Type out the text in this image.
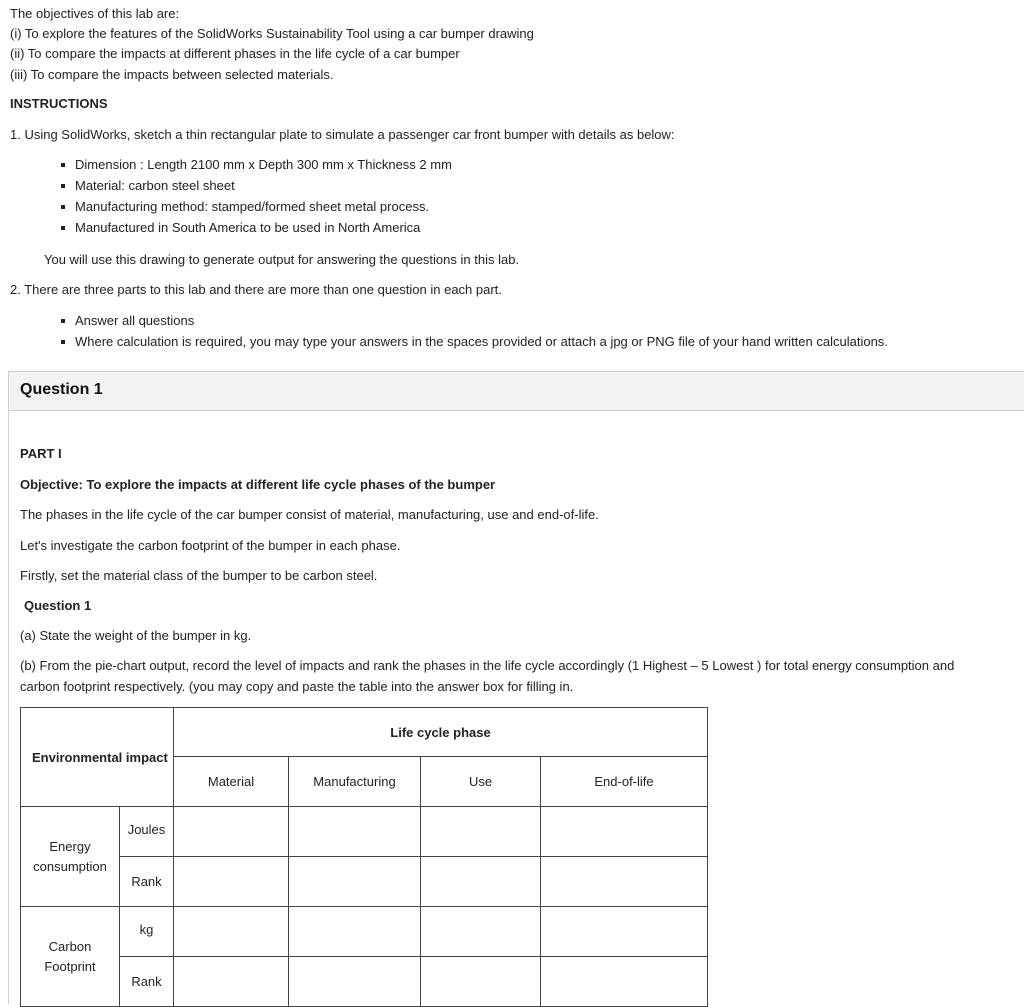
The objectives of this lab are:
(i) To explore the features of the SolidWorks Sustainability Tool using a car bumper drawing
(ii) To compare the impacts at different phases in the life cycle of a car bumper
(iii) To compare the impacts between selected materials.
INSTRUCTIONS
1. Using SolidWorks, sketch a thin rectangular plate to simulate a passenger car front bumper with details as below:
Dimension : Length 2100 mm x Depth 300 mm x Thickness 2 mm
Material: carbon steel sheet
Manufacturing method: stamped/formed sheet metal process.
Manufactured in South America to be used in North America
You will use this drawing to generate output for answering the questions in this lab.
2. There are three parts to this lab and there are more than one question in each part.
Answer all questions
Where calculation is required, you may type your answers in the spaces provided or attach a jpg or PNG file of your hand written calculations.
Question 1
PART I
Objective: To explore the impacts at different life cycle phases of the bumper
The phases in the life cycle of the car bumper consist of material, manufacturing, use and end-of-life.
Let's investigate the carbon footprint of the bumper in each phase.
Firstly, set the material class of the bumper to be carbon steel.
Question 1
(a) State the weight of the bumper in kg.
(b) From the pie-chart output, record the level of impacts and rank the phases in the life cycle accordingly (1 Highest – 5 Lowest ) for total energy consumption and
carbon footprint respectively. (you may copy and paste the table into the answer box for filling in.
Environmental impact		Life cycle phase			
		Material	Manufacturing	Use	End-of-life

Energy consumption	Joules				
	Rank				

Carbon Footprint	kg				
	Rank				
